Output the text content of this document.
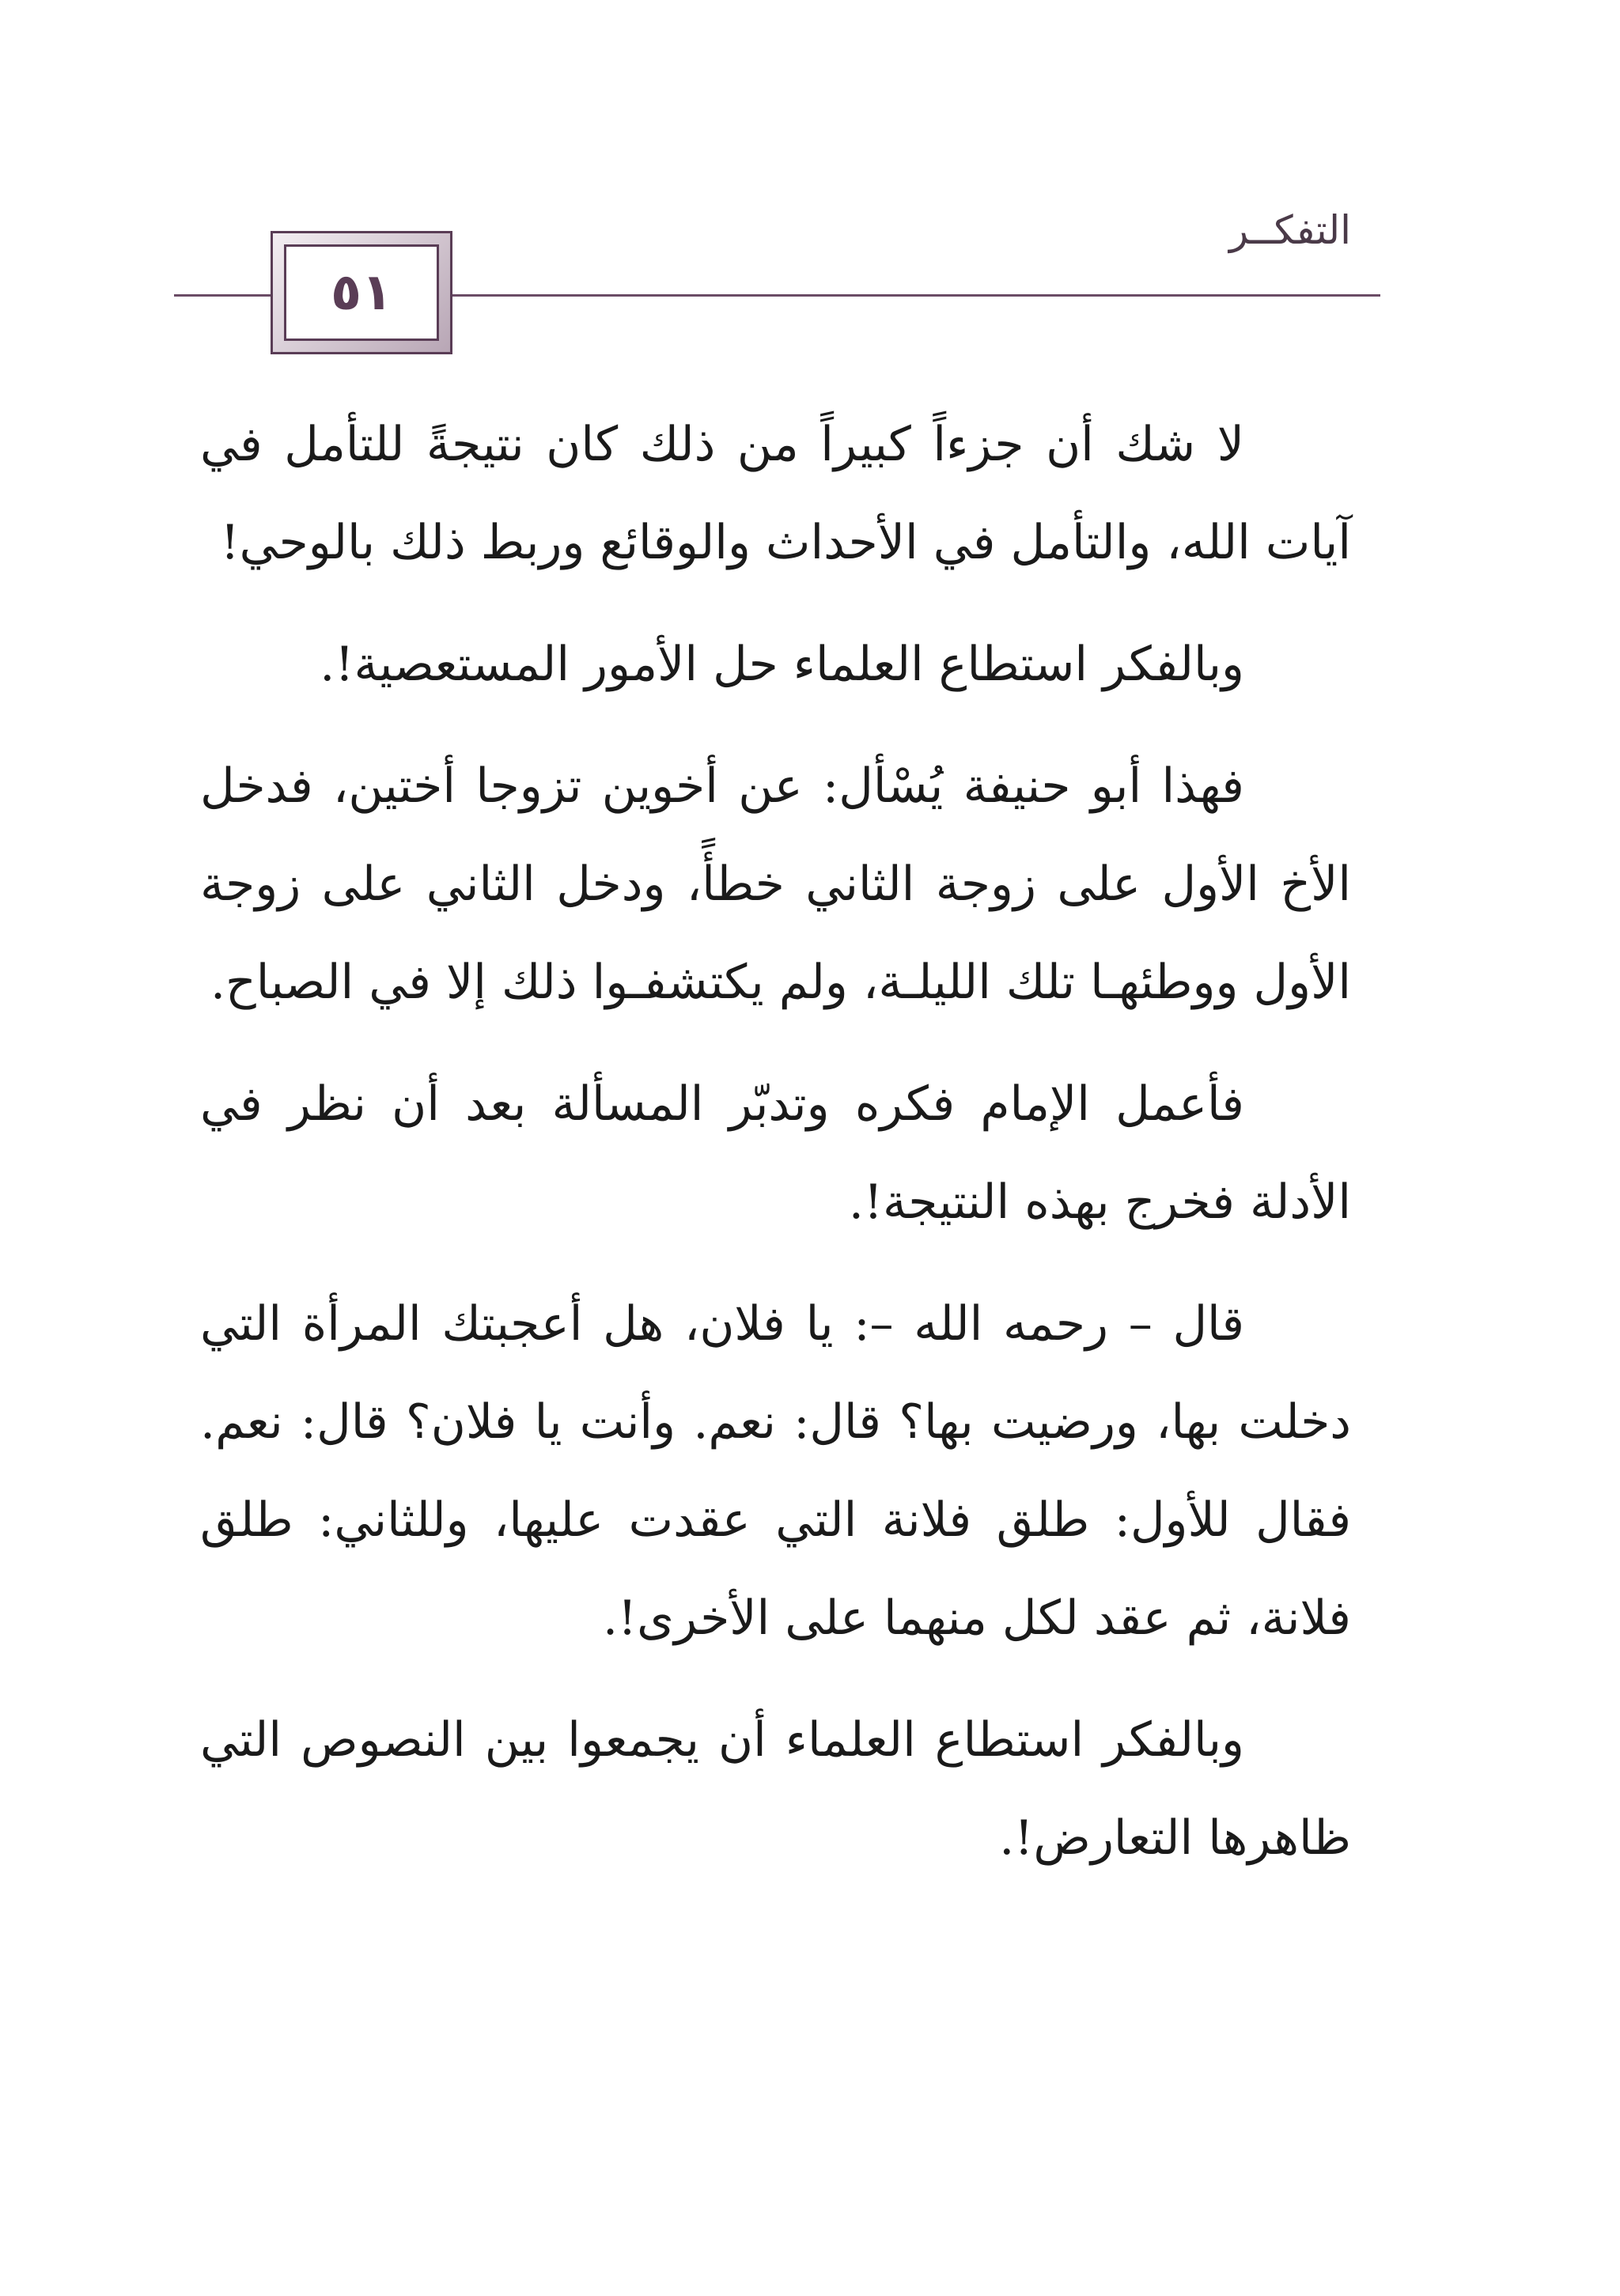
التفكــر
٥١

لا شك أن جزءاً كبيراً من ذلك كان نتيجةً للتأمل في آيات الله، والتأمل في الأحداث والوقائع وربط ذلك بالوحي!

وبالفكر استطاع العلماء حل الأمور المستعصية!.

فهذا أبو حنيفة يُسْأل: عن أخوين تزوجا أختين، فدخل الأخ الأول على زوجة الثاني خطأً، ودخل الثاني على زوجة الأول ووطئهـا تلك الليلـة، ولم يكتشفـوا ذلك إلا في الصباح.

فأعمل الإمام فكره وتدبّر المسألة بعد أن نظر في الأدلة فخرج بهذه النتيجة!.

قال – رحمه الله –: يا فلان، هل أعجبتك المرأة التي دخلت بها، ورضيت بها؟ قال: نعم. وأنت يا فلان؟ قال: نعم. فقال للأول: طلق فلانة التي عقدت عليها، وللثاني: طلق فلانة، ثم عقد لكل منهما على الأخرى!.

وبالفكر استطاع العلماء أن يجمعوا بين النصوص التي ظاهرها التعارض!.
